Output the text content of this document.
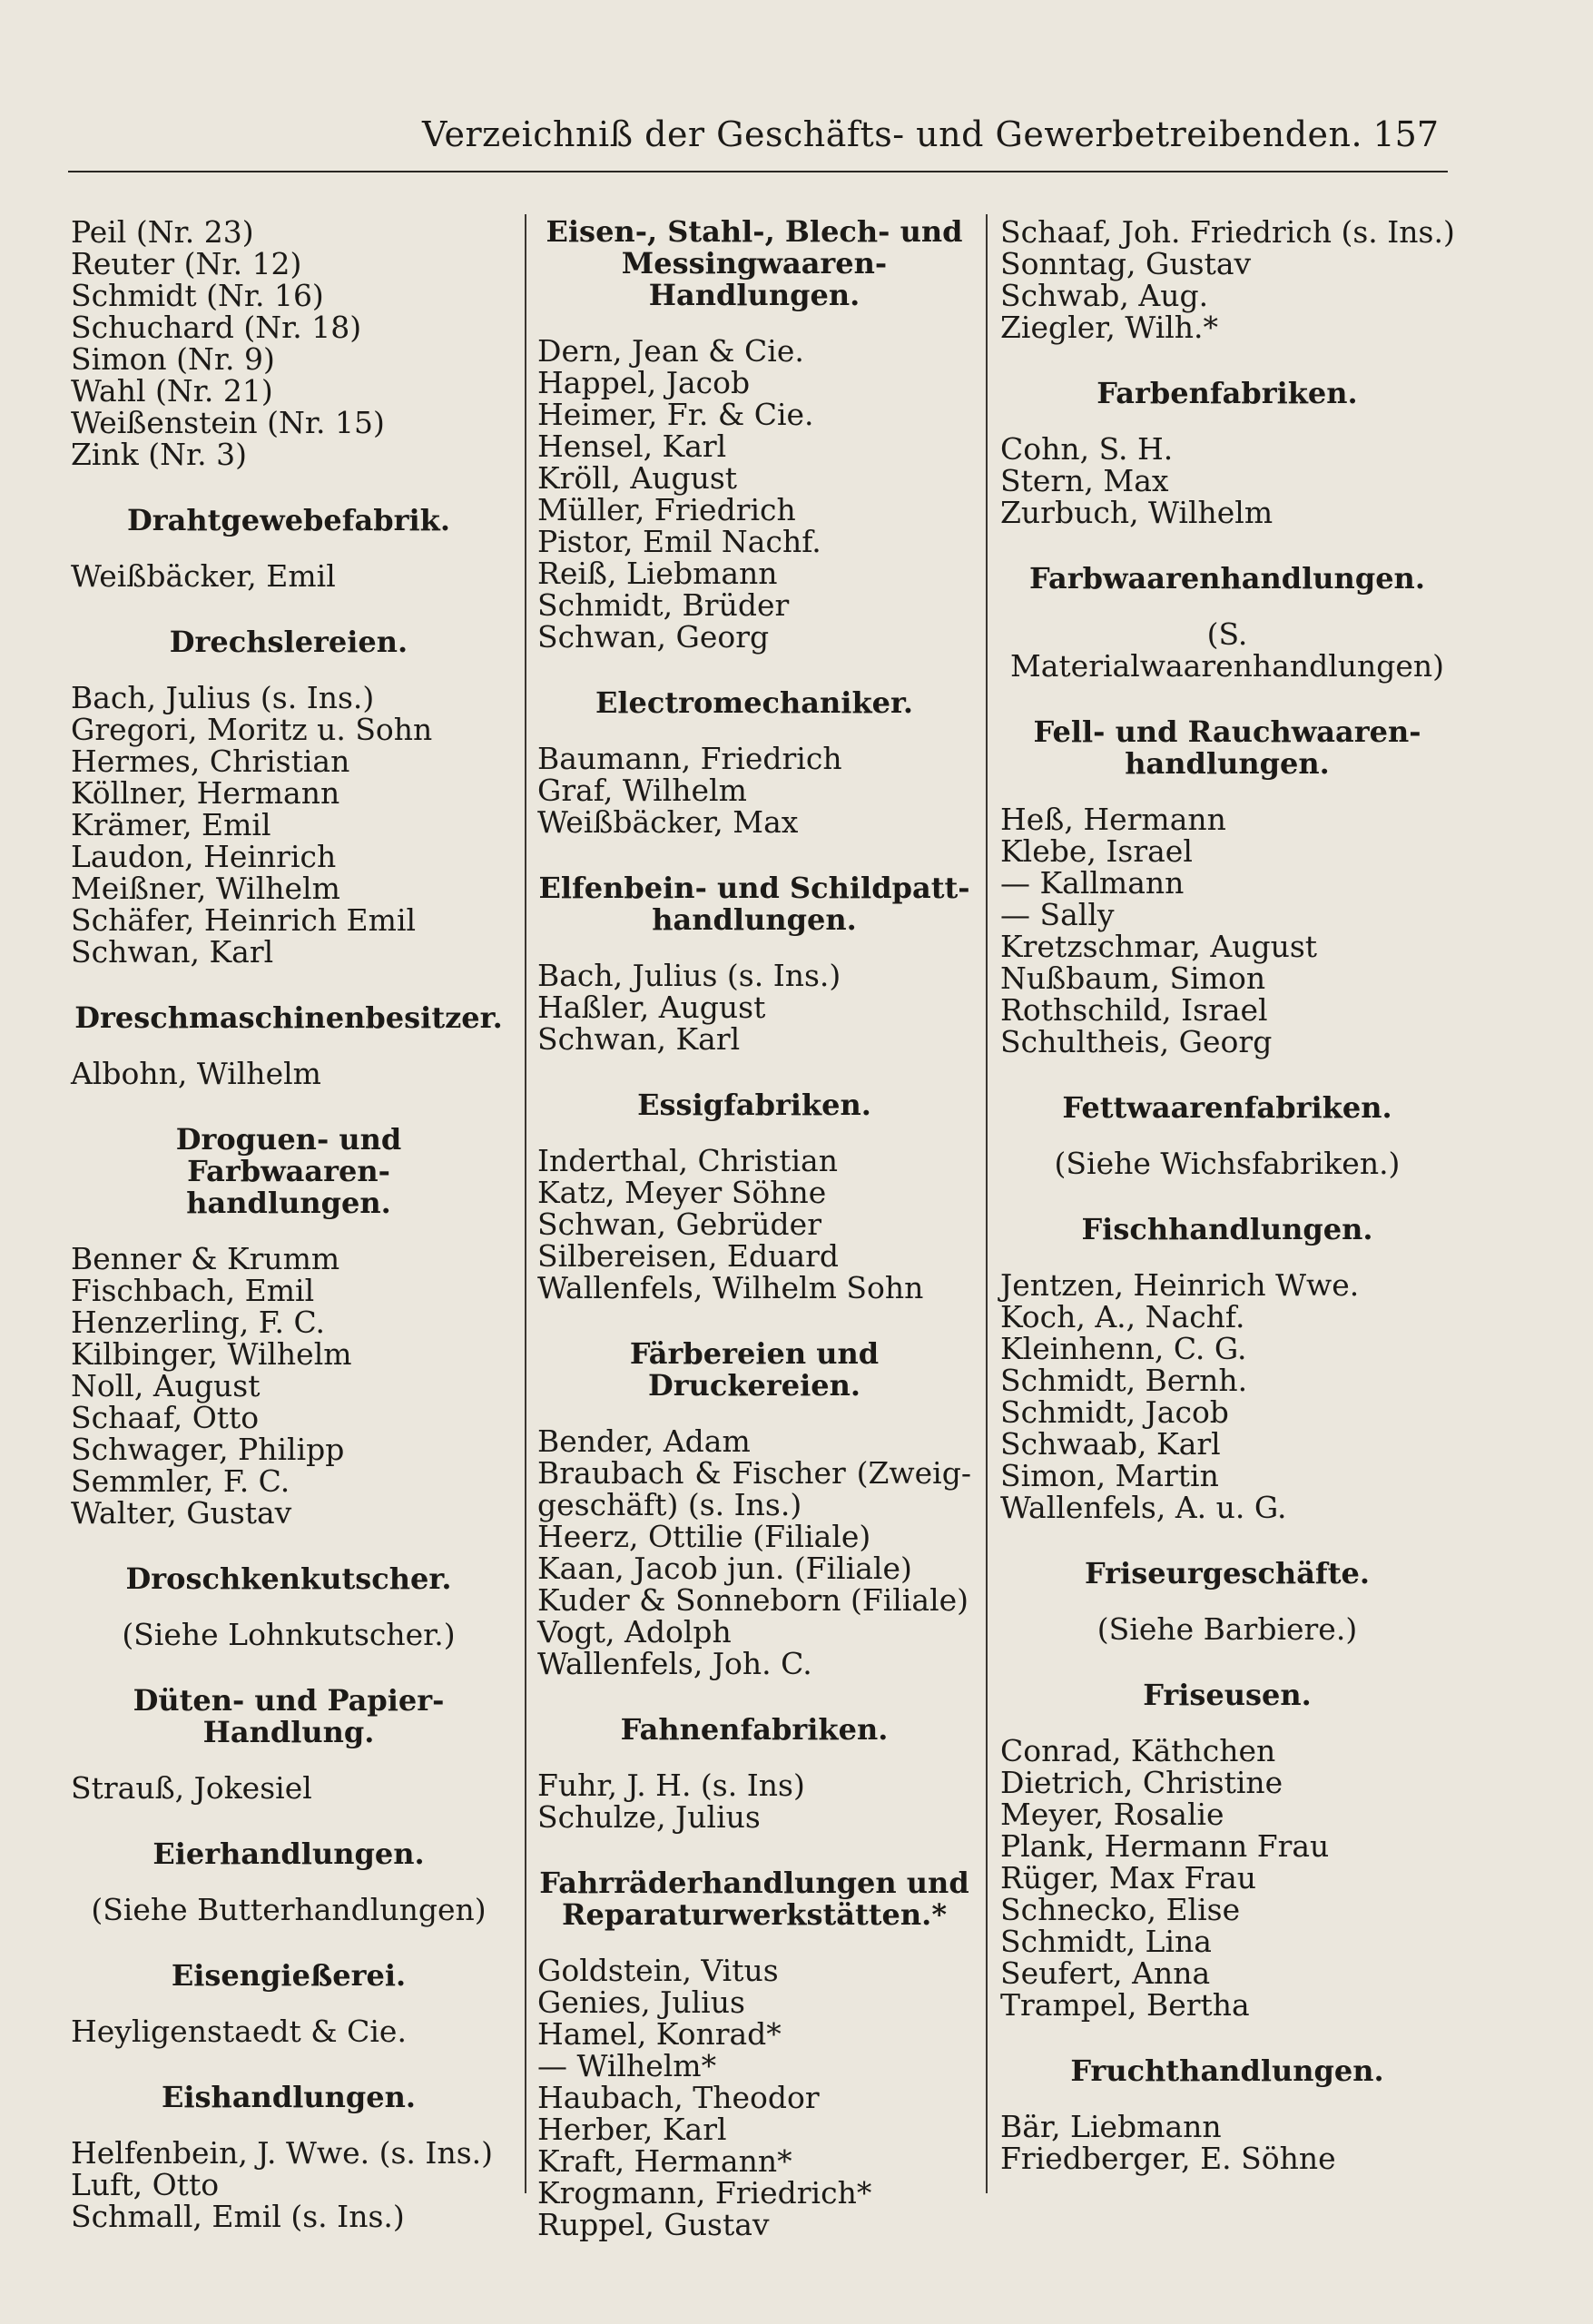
Verzeichniß der Geschäfts- und Gewerbetreibenden. 157
Peil (Nr. 23)
Reuter (Nr. 12)
Schmidt (Nr. 16)
Schuchard (Nr. 18)
Simon (Nr. 9)
Wahl (Nr. 21)
Weißenstein (Nr. 15)
Zink (Nr. 3)
Drahtgewebefabrik.
Weißbäcker, Emil
Drechslereien.
Bach, Julius (s. Ins.)
Gregori, Moritz u. Sohn
Hermes, Christian
Köllner, Hermann
Krämer, Emil
Laudon, Heinrich
Meißner, Wilhelm
Schäfer, Heinrich Emil
Schwan, Karl
Dreschmaschinenbesitzer.
Albohn, Wilhelm
Droguen- und Farbwaaren-
handlungen.
Benner & Krumm
Fischbach, Emil
Henzerling, F. C.
Kilbinger, Wilhelm
Noll, August
Schaaf, Otto
Schwager, Philipp
Semmler, F. C.
Walter, Gustav
Droschkenkutscher.
(Siehe Lohnkutscher.)
Düten- und Papier-Handlung.
Strauß, Jokesiel
Eierhandlungen.
(Siehe Butterhandlungen)
Eisengießerei.
Heyligenstaedt & Cie.
Eishandlungen.
Helfenbein, J. Wwe. (s. Ins.)
Luft, Otto
Schmall, Emil (s. Ins.)
Eisen-, Stahl-, Blech- und
Messingwaaren-Handlungen.
Dern, Jean & Cie.
Happel, Jacob
Heimer, Fr. & Cie.
Hensel, Karl
Kröll, August
Müller, Friedrich
Pistor, Emil Nachf.
Reiß, Liebmann
Schmidt, Brüder
Schwan, Georg
Electromechaniker.
Baumann, Friedrich
Graf, Wilhelm
Weißbäcker, Max
Elfenbein- und Schildpatt-
handlungen.
Bach, Julius (s. Ins.)
Haßler, August
Schwan, Karl
Essigfabriken.
Inderthal, Christian
Katz, Meyer Söhne
Schwan, Gebrüder
Silbereisen, Eduard
Wallenfels, Wilhelm Sohn
Färbereien und Druckereien.
Bender, Adam
Braubach & Fischer (Zweig-geschäft) (s. Ins.)
Heerz, Ottilie (Filiale)
Kaan, Jacob jun. (Filiale)
Kuder & Sonneborn (Filiale)
Vogt, Adolph
Wallenfels, Joh. C.
Fahnenfabriken.
Fuhr, J. H. (s. Ins)
Schulze, Julius
Fahrräderhandlungen und
Reparaturwerkstätten.*
Goldstein, Vitus
Genies, Julius
Hamel, Konrad*
— Wilhelm*
Haubach, Theodor
Herber, Karl
Kraft, Hermann*
Krogmann, Friedrich*
Ruppel, Gustav
Schaaf, Joh. Friedrich (s. Ins.)
Sonntag, Gustav
Schwab, Aug.
Ziegler, Wilh.*
Farbenfabriken.
Cohn, S. H.
Stern, Max
Zurbuch, Wilhelm
Farbwaarenhandlungen.
(S. Materialwaarenhandlungen)
Fell- und Rauchwaaren-
handlungen.
Heß, Hermann
Klebe, Israel
— Kallmann
— Sally
Kretzschmar, August
Nußbaum, Simon
Rothschild, Israel
Schultheis, Georg
Fettwaarenfabriken.
(Siehe Wichsfabriken.)
Fischhandlungen.
Jentzen, Heinrich Wwe.
Koch, A., Nachf.
Kleinhenn, C. G.
Schmidt, Bernh.
Schmidt, Jacob
Schwaab, Karl
Simon, Martin
Wallenfels, A. u. G.
Friseurgeschäfte.
(Siehe Barbiere.)
Friseusen.
Conrad, Käthchen
Dietrich, Christine
Meyer, Rosalie
Plank, Hermann Frau
Rüger, Max Frau
Schnecko, Elise
Schmidt, Lina
Seufert, Anna
Trampel, Bertha
Fruchthandlungen.
Bär, Liebmann
Friedberger, E. Söhne
